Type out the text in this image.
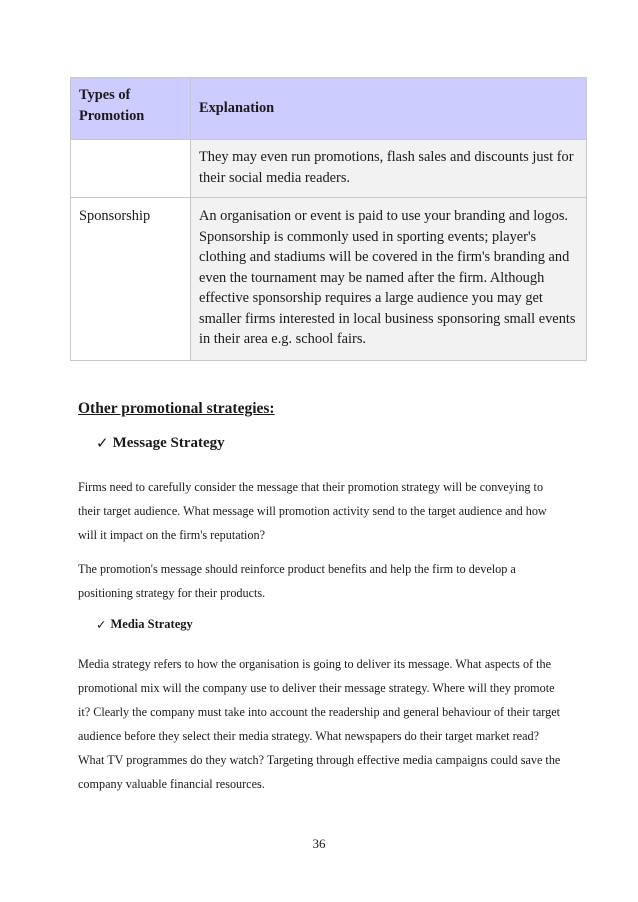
Types of Promotion	Explanation
	They may even run promotions, flash sales and discounts just for their social media readers.
Sponsorship	An organisation or event is paid to use your branding and logos. Sponsorship is commonly used in sporting events; player's clothing and stadiums will be covered in the firm's branding and even the tournament may be named after the firm. Although effective sponsorship requires a large audience you may get smaller firms interested in local business sponsoring small events in their area e.g. school fairs.
Other promotional strategies:
✓ Message Strategy

Firms need to carefully consider the message that their promotion strategy will be conveying to their target audience. What message will promotion activity send to the target audience and how will it impact on the firm's reputation?

The promotion's message should reinforce product benefits and help the firm to develop a positioning strategy for their products.

✓ Media Strategy

Media strategy refers to how the organisation is going to deliver its message. What aspects of the promotional mix will the company use to deliver their message strategy. Where will they promote it? Clearly the company must take into account the readership and general behaviour of their target audience before they select their media strategy. What newspapers do their target market read? What TV programmes do they watch? Targeting through effective media campaigns could save the company valuable financial resources.

36
